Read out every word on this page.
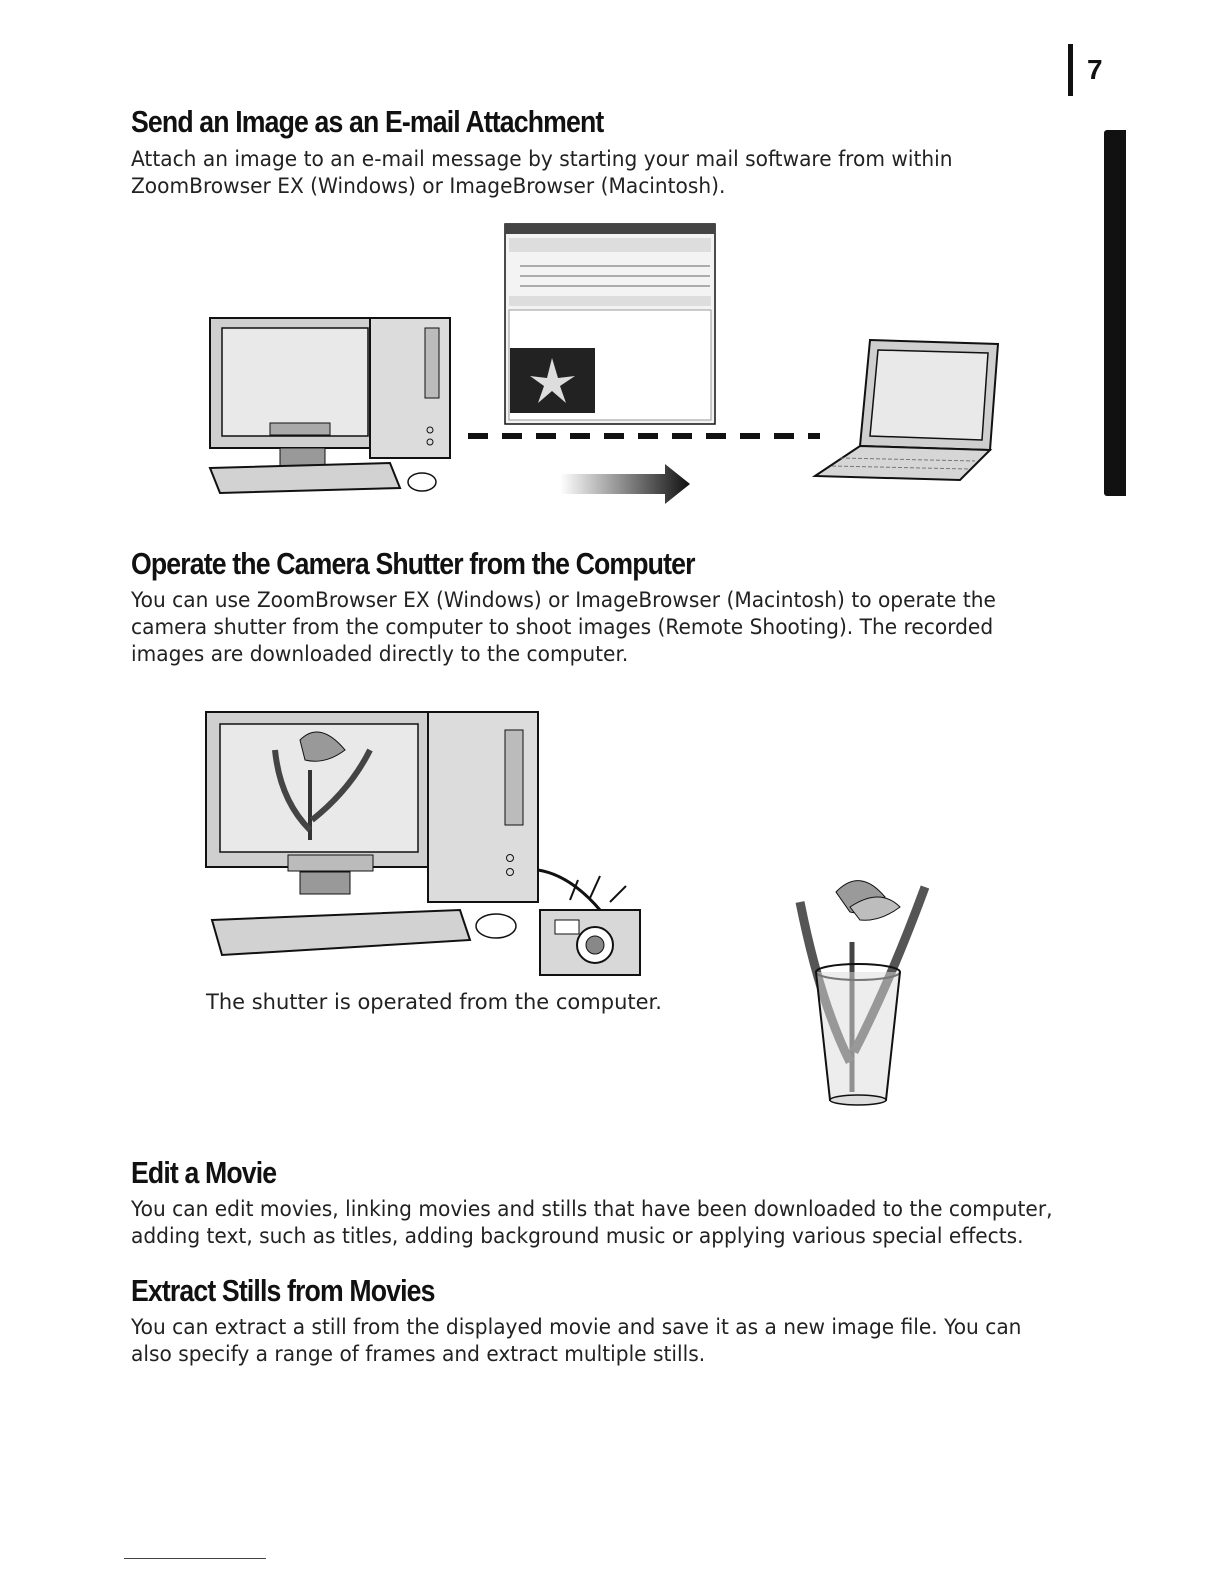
7
Send an Image as an E-mail Attachment

Attach an image to an e-mail message by starting your mail software from within ZoomBrowser EX (Windows) or ImageBrowser (Macintosh).

Operate the Camera Shutter from the Computer

You can use ZoomBrowser EX (Windows) or ImageBrowser (Macintosh) to operate the camera shutter from the computer to shoot images (Remote Shooting). The recorded images are downloaded directly to the computer.

The shutter is operated from the computer.

Edit a Movie

You can edit movies, linking movies and stills that have been downloaded to the computer, adding text, such as titles, adding background music or applying various special effects.

Extract Stills from Movies

You can extract a still from the displayed movie and save it as a new image file. You can also specify a range of frames and extract multiple stills.
